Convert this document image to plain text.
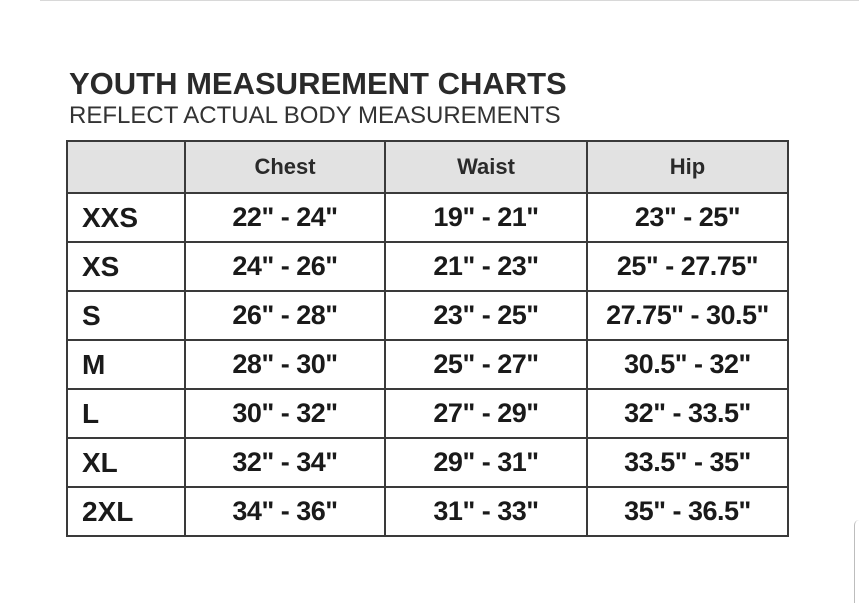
YOUTH MEASUREMENT CHARTS
REFLECT ACTUAL BODY MEASUREMENTS
	Chest	Waist	Hip
XXS	22" - 24"	19" - 21"	23" - 25"
XS	24" - 26"	21" - 23"	25" - 27.75"
S	26" - 28"	23" - 25"	27.75" - 30.5"
M	28" - 30"	25" - 27"	30.5" - 32"
L	30" - 32"	27" - 29"	32" - 33.5"
XL	32" - 34"	29" - 31"	33.5" - 35"
2XL	34" - 36"	31" - 33"	35" - 36.5"
